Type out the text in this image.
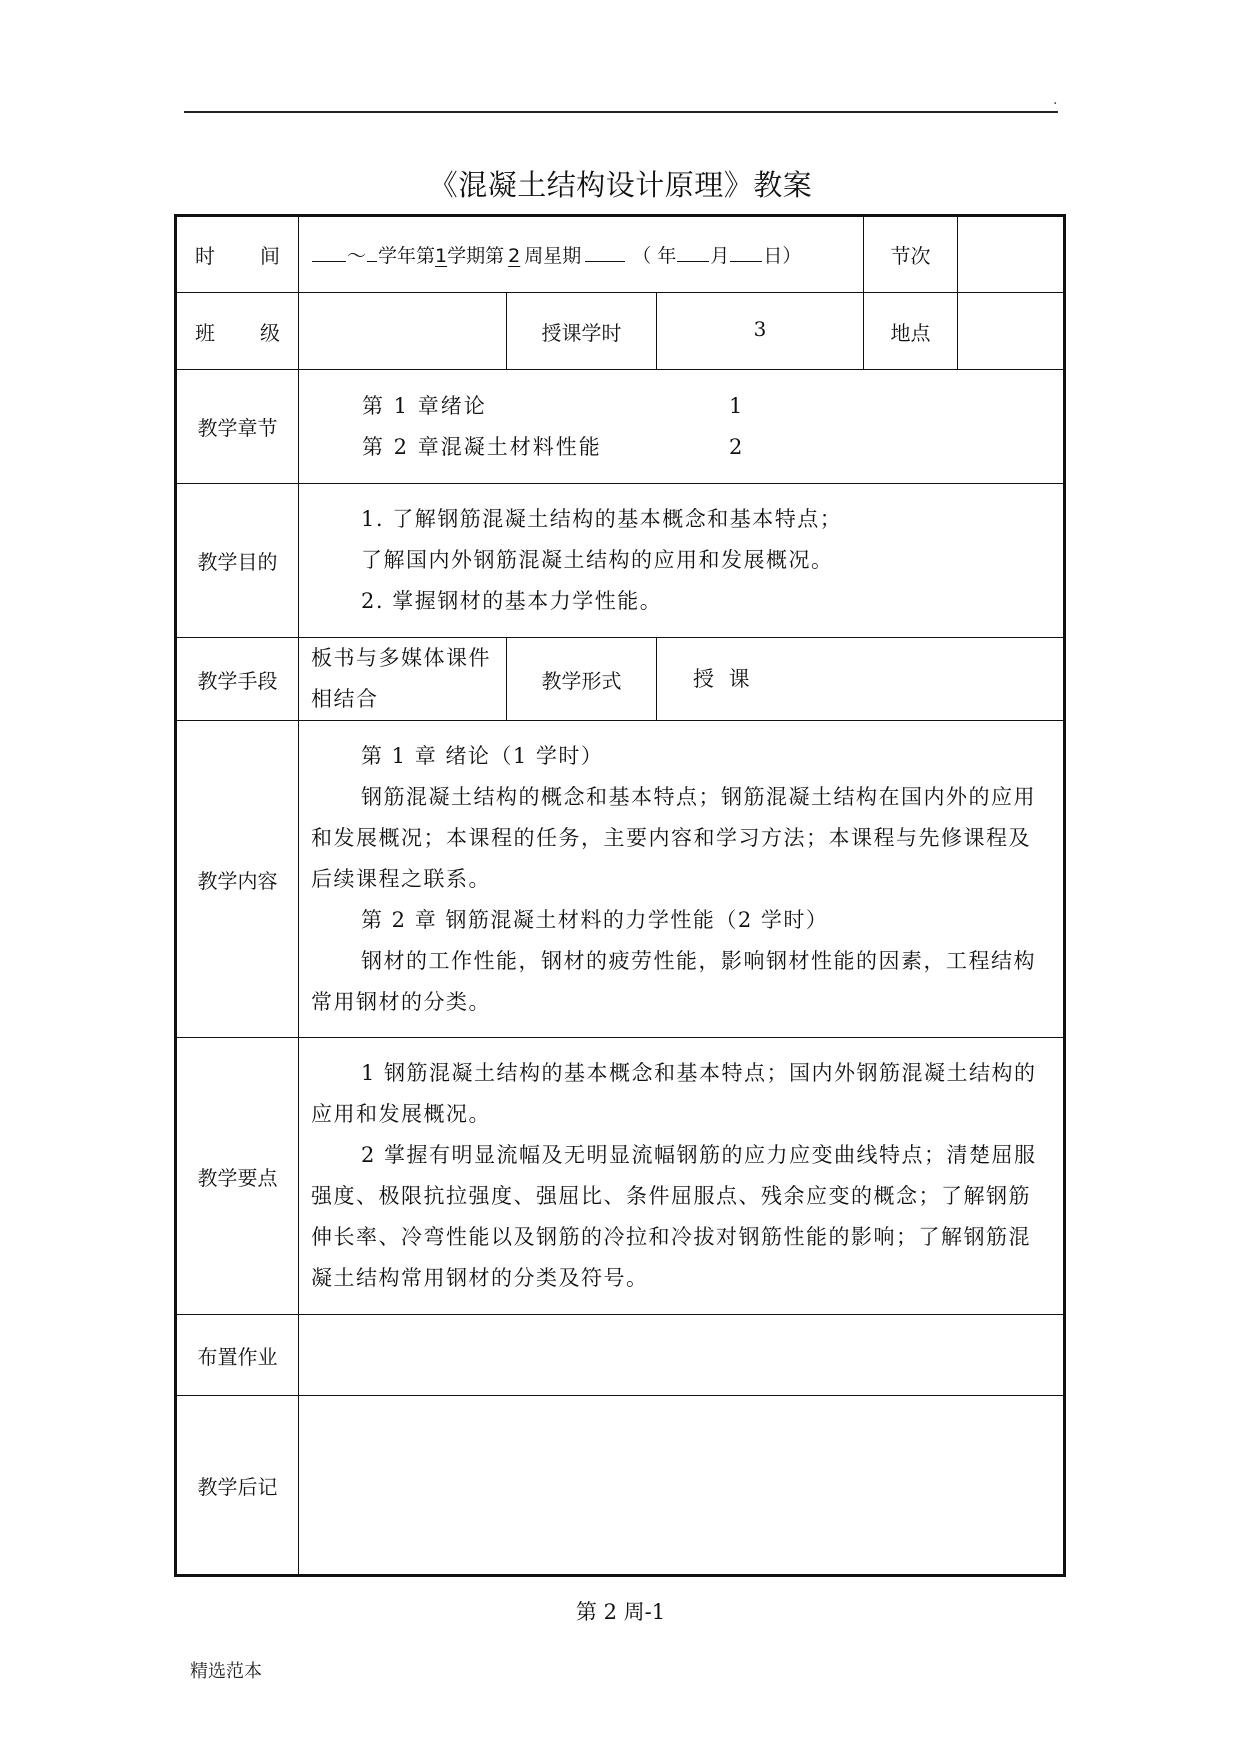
.
《混凝土结构设计原理》教案
时 间	～ 学年第1学期第 2 周星期 （ 年 月 日）			节次	
班 级		授课学时	3	地点	
教学章节	第 1 章绪论 1
第 2 章混凝土材料性能 2				

教学目的	1. 了解钢筋混凝土结构的基本概念和基本特点；

了解国内外钢筋混凝土结构的应用和发展概况。

2. 掌握钢材的基本力学性能。				

教学手段	板书与多媒体课件相结合	教学形式	授 课		

教学内容	第 1 章 绪论（1 学时）

钢筋混凝土结构的概念和基本特点；钢筋混凝土结构在国内外的应用和发展概况；本课程的任务，主要内容和学习方法；本课程与先修课程及后续课程之联系。

第 2 章 钢筋混凝土材料的力学性能（2 学时）

钢材的工作性能，钢材的疲劳性能，影响钢材性能的因素，工程结构常用钢材的分类。				

教学要点	1 钢筋混凝土结构的基本概念和基本特点；国内外钢筋混凝土结构的应用和发展概况。

2 掌握有明显流幅及无明显流幅钢筋的应力应变曲线特点；清楚屈服强度、极限抗拉强度、强屈比、条件屈服点、残余应变的概念；了解钢筋伸长率、冷弯性能以及钢筋的冷拉和冷拔对钢筋性能的影响；了解钢筋混凝土结构常用钢材的分类及符号。				

布置作业					
教学后记					
第 2 周-1
精选范本
